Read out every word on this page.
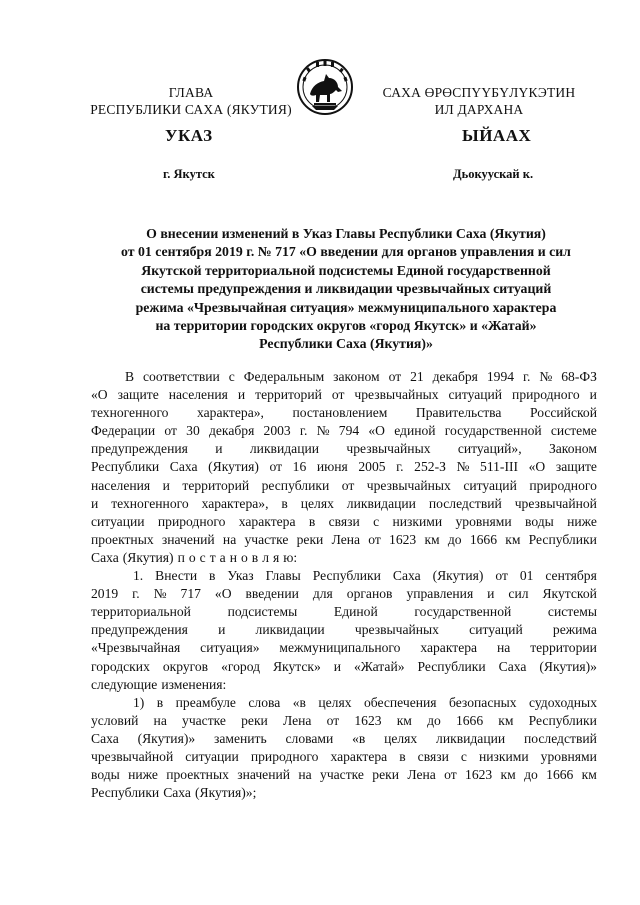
ГЛАВА
РЕСПУБЛИКИ САХА (ЯКУТИЯ)
САХА ӨРӨСПYYБYЛYКЭТИН
ИЛ ДАРХАНА
УКАЗ	ЫЙААХ
г. Якутск	Дьокуускай к.
О внесении изменений в Указ Главы Республики Саха (Якутия)
от 01 сентября 2019 г. № 717 «О введении для органов управления и сил
Якутской территориальной подсистемы Единой государственной
системы предупреждения и ликвидации чрезвычайных ситуаций
режима «Чрезвычайная ситуация» межмуниципального характера
на территории городских округов «город Якутск» и «Жатай»
Республики Саха (Якутия)»
В соответствии с Федеральным законом от 21 декабря 1994 г. № 68-ФЗ
«О защите населения и территорий от чрезвычайных ситуаций природного и
техногенного характера», постановлением Правительства Российской
Федерации от 30 декабря 2003 г. № 794 «О единой государственной системе
предупреждения и ликвидации чрезвычайных ситуаций», Законом
Республики Саха (Якутия) от 16 июня 2005 г. 252-З № 511-III «О защите
населения и территорий республики от чрезвычайных ситуаций природного
и техногенного характера», в целях ликвидации последствий чрезвычайной
ситуации природного характера в связи с низкими уровнями воды ниже
проектных значений на участке реки Лена от 1623 км до 1666 км Республики
Саха (Якутия) п о с т а н о в л я ю:
1. Внести в Указ Главы Республики Саха (Якутия) от 01 сентября
2019 г. № 717 «О введении для органов управления и сил Якутской
территориальной	подсистемы	Единой	государственной	системы
предупреждения и ликвидации чрезвычайных ситуаций режима
«Чрезвычайная ситуация» межмуниципального характера на территории
городских округов «город Якутск» и «Жатай» Республики Саха (Якутия)»
следующие изменения:
1) в преамбуле слова «в целях обеспечения безопасных судоходных
условий на участке реки Лена от 1623 км до 1666 км Республики
Саха (Якутия)» заменить словами «в целях ликвидации последствий
чрезвычайной ситуации природного характера в связи с низкими уровнями
воды ниже проектных значений на участке реки Лена от 1623 км до 1666 км
Республики Саха (Якутия)»;
